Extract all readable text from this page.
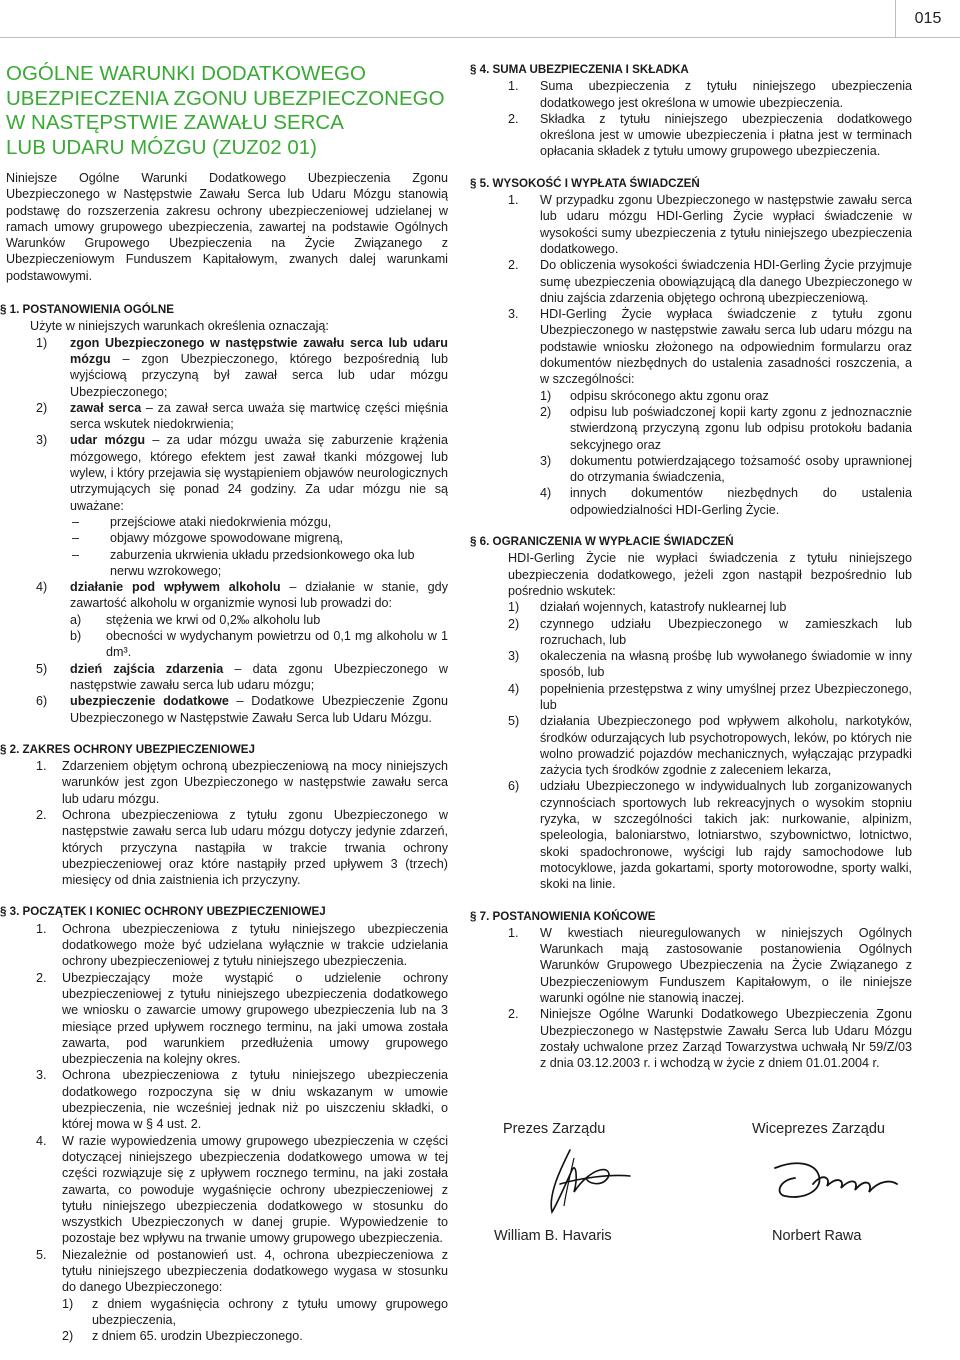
015
OGÓLNE WARUNKI DODATKOWEGO
UBEZPIECZENIA ZGONU UBEZPIECZONEGO
W NASTĘPSTWIE ZAWAŁU SERCA
LUB UDARU MÓZGU (ZUZ02 01)

Niniejsze Ogólne Warunki Dodatkowego Ubezpieczenia Zgonu Ubezpieczonego w Następstwie Zawału Serca lub Udaru Mózgu stanowią podstawę do rozszerzenia zakresu ochrony ubezpieczeniowej udzielanej w ramach umowy grupowego ubezpieczenia, zawartej na podstawie Ogólnych Warunków Grupowego Ubezpieczenia na Życie Związanego z Ubezpieczeniowym Funduszem Kapitałowym, zwanych dalej warunkami podstawowymi.

§ 1. POSTANOWIENIA OGÓLNE
Użyte w niniejszych warunkach określenia oznaczają:
1) zgon Ubezpieczonego w następstwie zawału serca lub udaru mózgu – zgon Ubezpieczonego, którego bezpośrednią lub wyjściową przyczyną był zawał serca lub udar mózgu Ubezpieczonego;
2) zawał serca – za zawał serca uważa się martwicę części mięśnia serca wskutek niedokrwienia;
3) udar mózgu – za udar mózgu uważa się zaburzenie krążenia mózgowego, którego efektem jest zawał tkanki mózgowej lub wylew, i który przejawia się wystąpieniem objawów neurologicznych utrzymujących się ponad 24 godziny. Za udar mózgu nie są uważane:
– przejściowe ataki niedokrwienia mózgu,
– objawy mózgowe spowodowane migreną,
– zaburzenia ukrwienia układu przedsionkowego oka lub nerwu wzrokowego;
4) działanie pod wpływem alkoholu – działanie w stanie, gdy zawartość alkoholu w organizmie wynosi lub prowadzi do:
a) stężenia we krwi od 0,2‰ alkoholu lub
b) obecności w wydychanym powietrzu od 0,1 mg alkoholu w 1 dm³.
5) dzień zajścia zdarzenia – data zgonu Ubezpieczonego w następstwie zawału serca lub udaru mózgu;
6) ubezpieczenie dodatkowe – Dodatkowe Ubezpieczenie Zgonu Ubezpieczonego w Następstwie Zawału Serca lub Udaru Mózgu.
§ 2. ZAKRES OCHRONY UBEZPIECZENIOWEJ
1. Zdarzeniem objętym ochroną ubezpieczeniową na mocy niniejszych warunków jest zgon Ubezpieczonego w następstwie zawału serca lub udaru mózgu.
2. Ochrona ubezpieczeniowa z tytułu zgonu Ubezpieczonego w następstwie zawału serca lub udaru mózgu dotyczy jedynie zdarzeń, których przyczyna nastąpiła w trakcie trwania ochrony ubezpieczeniowej oraz które nastąpiły przed upływem 3 (trzech) miesięcy od dnia zaistnienia ich przyczyny.
§ 3. POCZĄTEK I KONIEC OCHRONY UBEZPIECZENIOWEJ
1. Ochrona ubezpieczeniowa z tytułu niniejszego ubezpieczenia dodatkowego może być udzielana wyłącznie w trakcie udzielania ochrony ubezpieczeniowej z tytułu niniejszego ubezpieczenia.
2. Ubezpieczający może wystąpić o udzielenie ochrony ubezpieczeniowej z tytułu niniejszego ubezpieczenia dodatkowego we wniosku o zawarcie umowy grupowego ubezpieczenia lub na 3 miesiące przed upływem rocznego terminu, na jaki umowa została zawarta, pod warunkiem przedłużenia umowy grupowego ubezpieczenia na kolejny okres.
3. Ochrona ubezpieczeniowa z tytułu niniejszego ubezpieczenia dodatkowego rozpoczyna się w dniu wskazanym w umowie ubezpieczenia, nie wcześniej jednak niż po uiszczeniu składki, o której mowa w § 4 ust. 2.
4. W razie wypowiedzenia umowy grupowego ubezpieczenia w części dotyczącej niniejszego ubezpieczenia dodatkowego umowa w tej części rozwiązuje się z upływem rocznego terminu, na jaki została zawarta, co powoduje wygaśnięcie ochrony ubezpieczeniowej z tytułu niniejszego ubezpieczenia dodatkowego w stosunku do wszystkich Ubezpieczonych w danej grupie. Wypowiedzenie to pozostaje bez wpływu na trwanie umowy grupowego ubezpieczenia.
5. Niezależnie od postanowień ust. 4, ochrona ubezpieczeniowa z tytułu niniejszego ubezpieczenia dodatkowego wygasa w stosunku do danego Ubezpieczonego:
1) z dniem wygaśnięcia ochrony z tytułu umowy grupowego ubezpieczenia,
2) z dniem 65. urodzin Ubezpieczonego.
§ 4. SUMA UBEZPIECZENIA I SKŁADKA
1. Suma ubezpieczenia z tytułu niniejszego ubezpieczenia dodatkowego jest określona w umowie ubezpieczenia.
2. Składka z tytułu niniejszego ubezpieczenia dodatkowego określona jest w umowie ubezpieczenia i płatna jest w terminach opłacania składek z tytułu umowy grupowego ubezpieczenia.
§ 5. WYSOKOŚĆ I WYPŁATA ŚWIADCZEŃ
1. W przypadku zgonu Ubezpieczonego w następstwie zawału serca lub udaru mózgu HDI-Gerling Życie wypłaci świadczenie w wysokości sumy ubezpieczenia z tytułu niniejszego ubezpieczenia dodatkowego.
2. Do obliczenia wysokości świadczenia HDI-Gerling Życie przyjmuje sumę ubezpieczenia obowiązującą dla danego Ubezpieczonego w dniu zajścia zdarzenia objętego ochroną ubezpieczeniową.
3. HDI-Gerling Życie wypłaca świadczenie z tytułu zgonu Ubezpieczonego w następstwie zawału serca lub udaru mózgu na podstawie wniosku złożonego na odpowiednim formularzu oraz dokumentów niezbędnych do ustalenia zasadności roszczenia, a w szczególności:
1) odpisu skróconego aktu zgonu oraz
2) odpisu lub poświadczonej kopii karty zgonu z jednoznacznie stwierdzoną przyczyną zgonu lub odpisu protokołu badania sekcyjnego oraz
3) dokumentu potwierdzającego tożsamość osoby uprawnionej do otrzymania świadczenia,
4) innych dokumentów niezbędnych do ustalenia odpowiedzialności HDI-Gerling Życie.
§ 6. OGRANICZENIA W WYPŁACIE ŚWIADCZEŃ
HDI-Gerling Życie nie wypłaci świadczenia z tytułu niniejszego ubezpieczenia dodatkowego, jeżeli zgon nastąpił bezpośrednio lub pośrednio wskutek:
1) działań wojennych, katastrofy nuklearnej lub
2) czynnego udziału Ubezpieczonego w zamieszkach lub rozruchach, lub
3) okaleczenia na własną prośbę lub wywołanego świadomie w inny sposób, lub
4) popełnienia przestępstwa z winy umyślnej przez Ubezpieczonego, lub
5) działania Ubezpieczonego pod wpływem alkoholu, narkotyków, środków odurzających lub psychotropowych, leków, po których nie wolno prowadzić pojazdów mechanicznych, wyłączając przypadki zażycia tych środków zgodnie z zaleceniem lekarza,
6) udziału Ubezpieczonego w indywidualnych lub zorganizowanych czynnościach sportowych lub rekreacyjnych o wysokim stopniu ryzyka, w szczególności takich jak: nurkowanie, alpinizm, speleologia, baloniarstwo, lotniarstwo, szybownictwo, lotnictwo, skoki spadochronowe, wyścigi lub rajdy samochodowe lub motocyklowe, jazda gokartami, sporty motorowodne, sporty walki, skoki na linie.
§ 7. POSTANOWIENIA KOŃCOWE
1. W kwestiach nieuregulowanych w niniejszych Ogólnych Warunkach mają zastosowanie postanowienia Ogólnych Warunków Grupowego Ubezpieczenia na Życie Związanego z Ubezpieczeniowym Funduszem Kapitałowym, o ile niniejsze warunki ogólne nie stanowią inaczej.
2. Niniejsze Ogólne Warunki Dodatkowego Ubezpieczenia Zgonu Ubezpieczonego w Następstwie Zawału Serca lub Udaru Mózgu zostały uchwalone przez Zarząd Towarzystwa uchwałą Nr 59/Z/03 z dnia 03.12.2003 r. i wchodzą w życie z dniem 01.01.2004 r.
Prezes Zarządu	Wiceprezes Zarządu
William B. Havaris	Norbert Rawa
